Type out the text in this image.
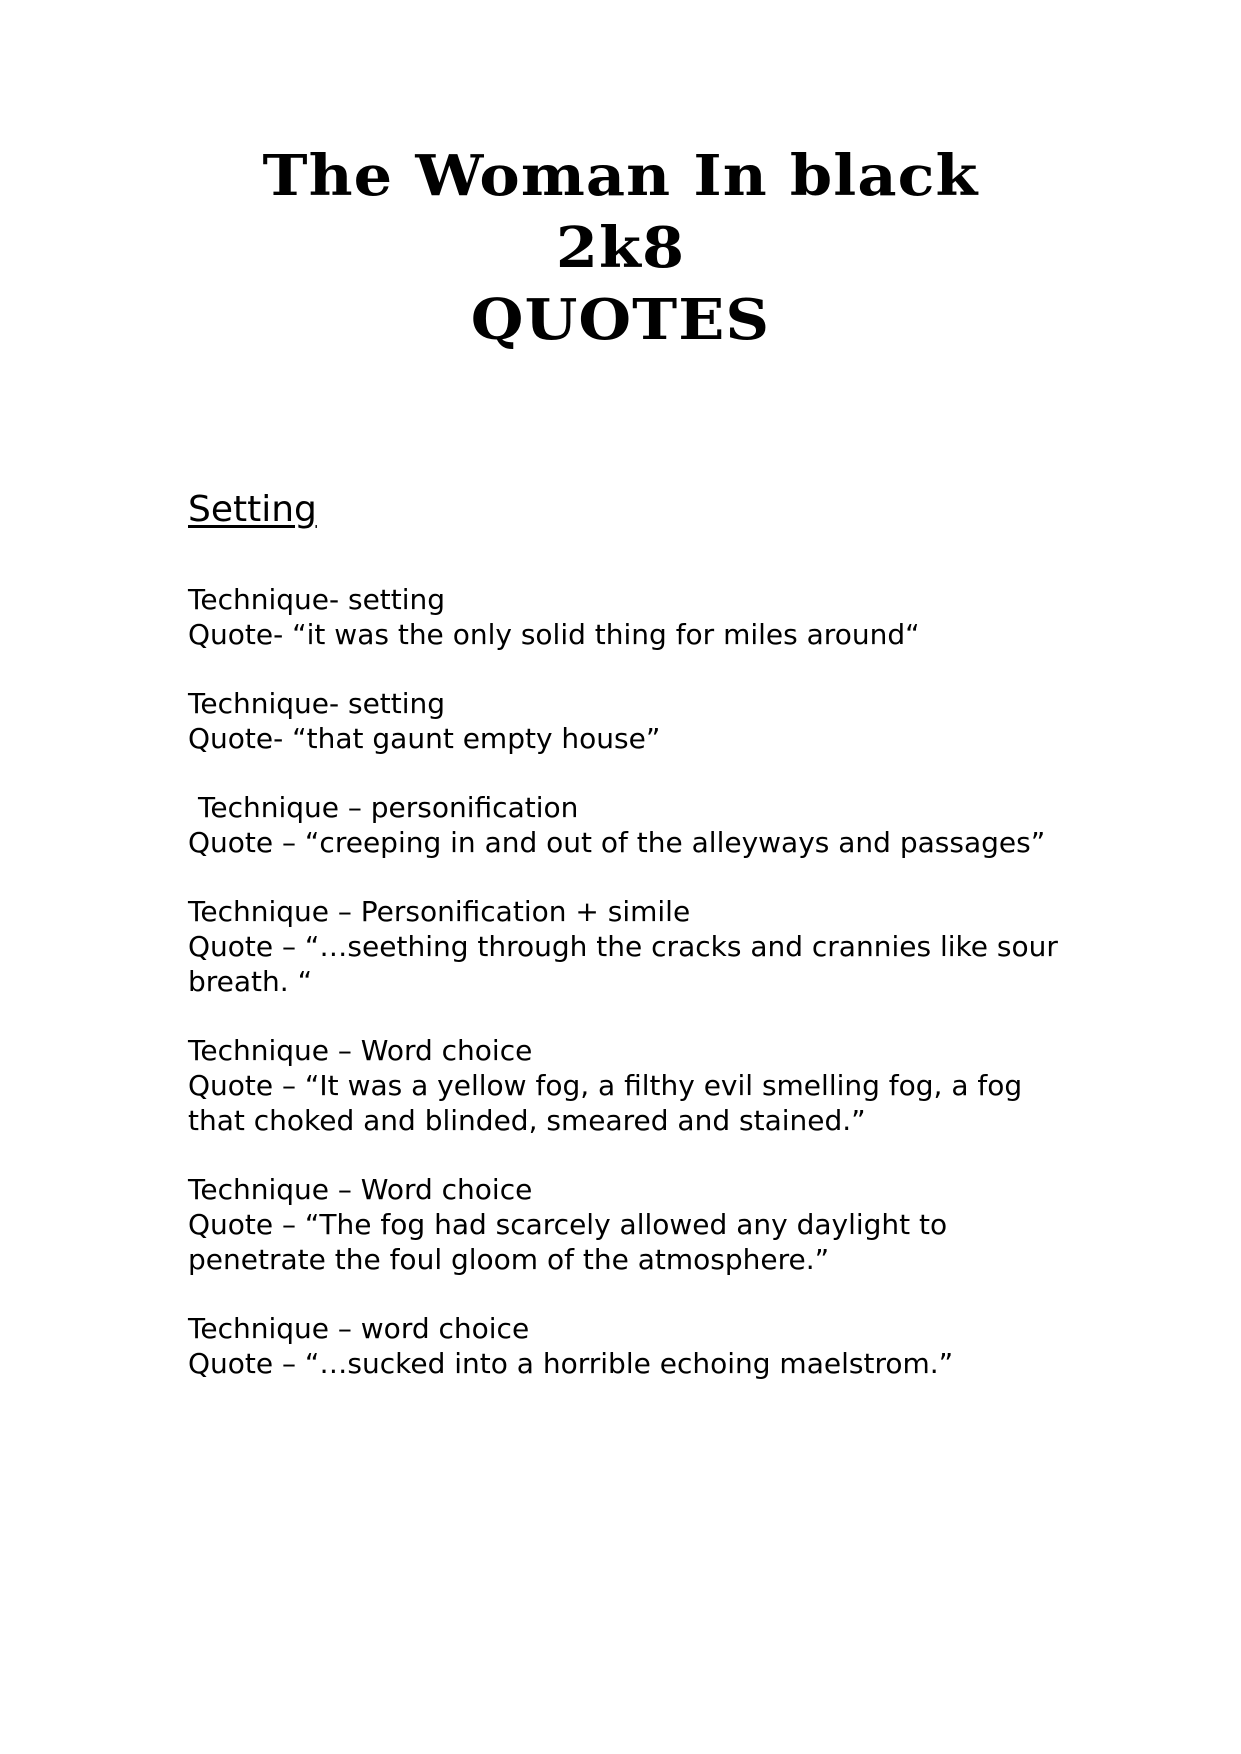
The Woman In black
2k8
QUOTES
Setting
Technique- setting
Quote- “it was the only solid thing for miles around“
Technique- setting
Quote- “that gaunt empty house”
Technique – personification
Quote – “creeping in and out of the alleyways and passages”
Technique – Personification + simile
Quote – “…seething through the cracks and crannies like sour breath. “
Technique – Word choice
Quote – “It was a yellow fog, a filthy evil smelling fog, a fog that choked and blinded, smeared and stained.”
Technique – Word choice
Quote – “The fog had scarcely allowed any daylight to penetrate the foul gloom of the atmosphere.”
Technique – word choice
Quote – “…sucked into a horrible echoing maelstrom.”
